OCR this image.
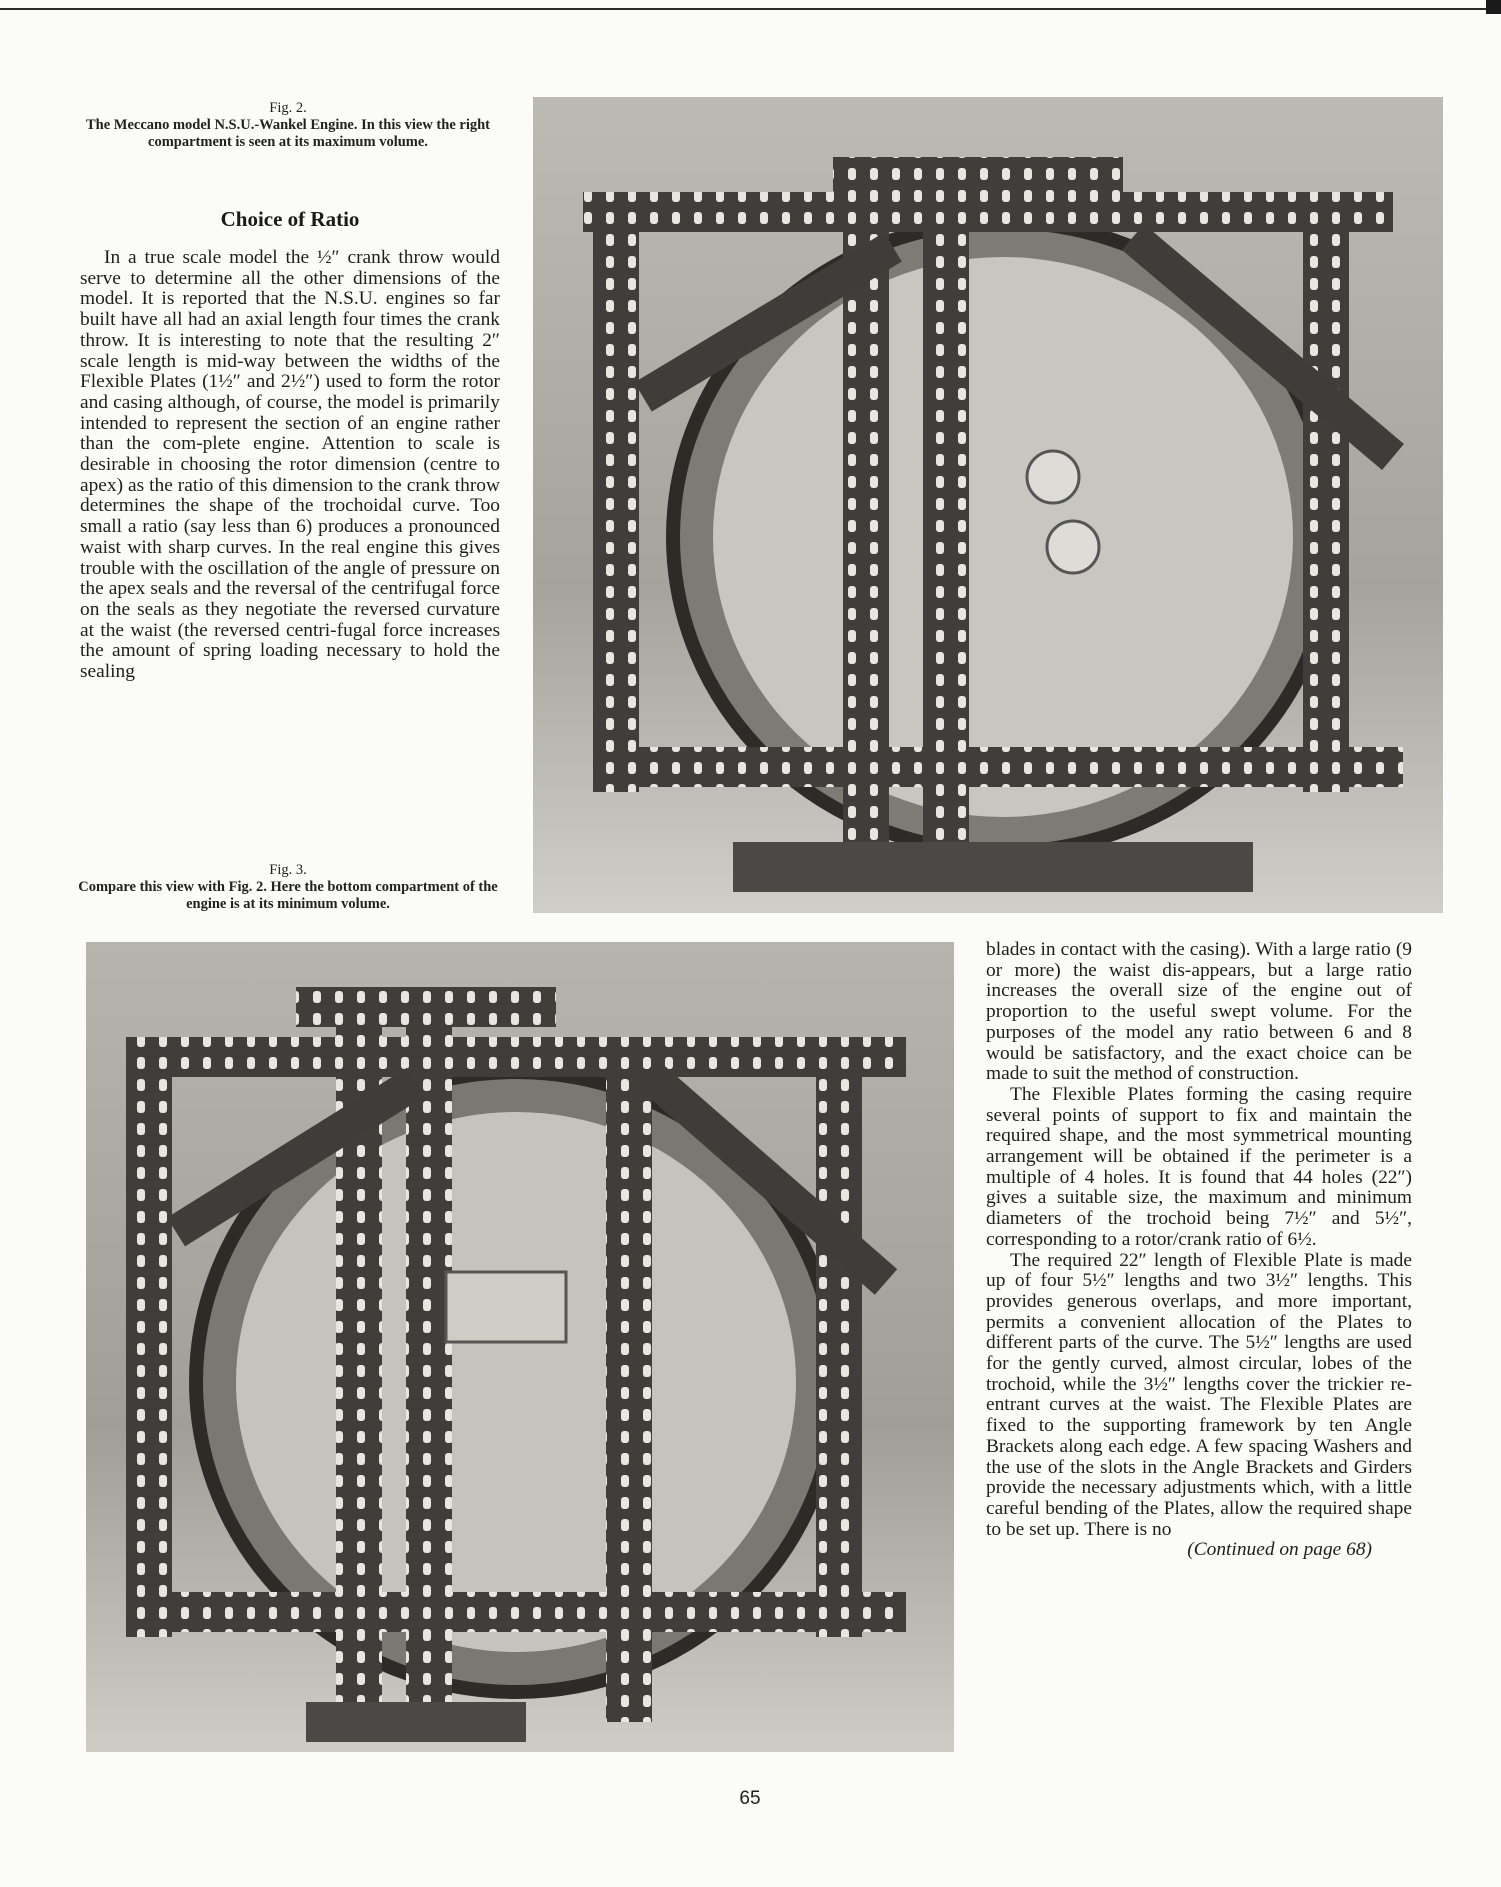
Fig. 2.
The Meccano model N.S.U.-Wankel Engine. In this view the right compartment is seen at its maximum volume.
Choice of Ratio

In a true scale model the ½″ crank throw would serve to determine all the other dimensions of the model. It is reported that the N.S.U. engines so far built have all had an axial length four times the crank throw. It is interesting to note that the resulting 2″ scale length is mid-way between the widths of the Flexible Plates (1½″ and 2½″) used to form the rotor and casing although, of course, the model is primarily intended to represent the section of an engine rather than the com-plete engine. Attention to scale is desirable in choosing the rotor dimension (centre to apex) as the ratio of this dimension to the crank throw determines the shape of the trochoidal curve. Too small a ratio (say less than 6) produces a pronounced waist with sharp curves. In the real engine this gives trouble with the oscillation of the angle of pressure on the apex seals and the reversal of the centrifugal force on the seals as they negotiate the reversed curvature at the waist (the reversed centri-fugal force increases the amount of spring loading necessary to hold the sealing

Fig. 3.
Compare this view with Fig. 2. Here the bottom compartment of the engine is at its minimum volume.

blades in contact with the casing). With a large ratio (9 or more) the waist dis-appears, but a large ratio increases the overall size of the engine out of proportion to the useful swept volume. For the purposes of the model any ratio between 6 and 8 would be satisfactory, and the exact choice can be made to suit the method of construction.

The Flexible Plates forming the casing require several points of support to fix and maintain the required shape, and the most symmetrical mounting arrangement will be obtained if the perimeter is a multiple of 4 holes. It is found that 44 holes (22″) gives a suitable size, the maximum and minimum diameters of the trochoid being 7½″ and 5½″, corresponding to a rotor/crank ratio of 6½.

The required 22″ length of Flexible Plate is made up of four 5½″ lengths and two 3½″ lengths. This provides generous overlaps, and more important, permits a convenient allocation of the Plates to different parts of the curve. The 5½″ lengths are used for the gently curved, almost circular, lobes of the trochoid, while the 3½″ lengths cover the trickier re-entrant curves at the waist. The Flexible Plates are fixed to the supporting framework by ten Angle Brackets along each edge. A few spacing Washers and the use of the slots in the Angle Brackets and Girders provide the necessary adjustments which, with a little careful bending of the Plates, allow the required shape to be set up. There is no

(Continued on page 68)
65
